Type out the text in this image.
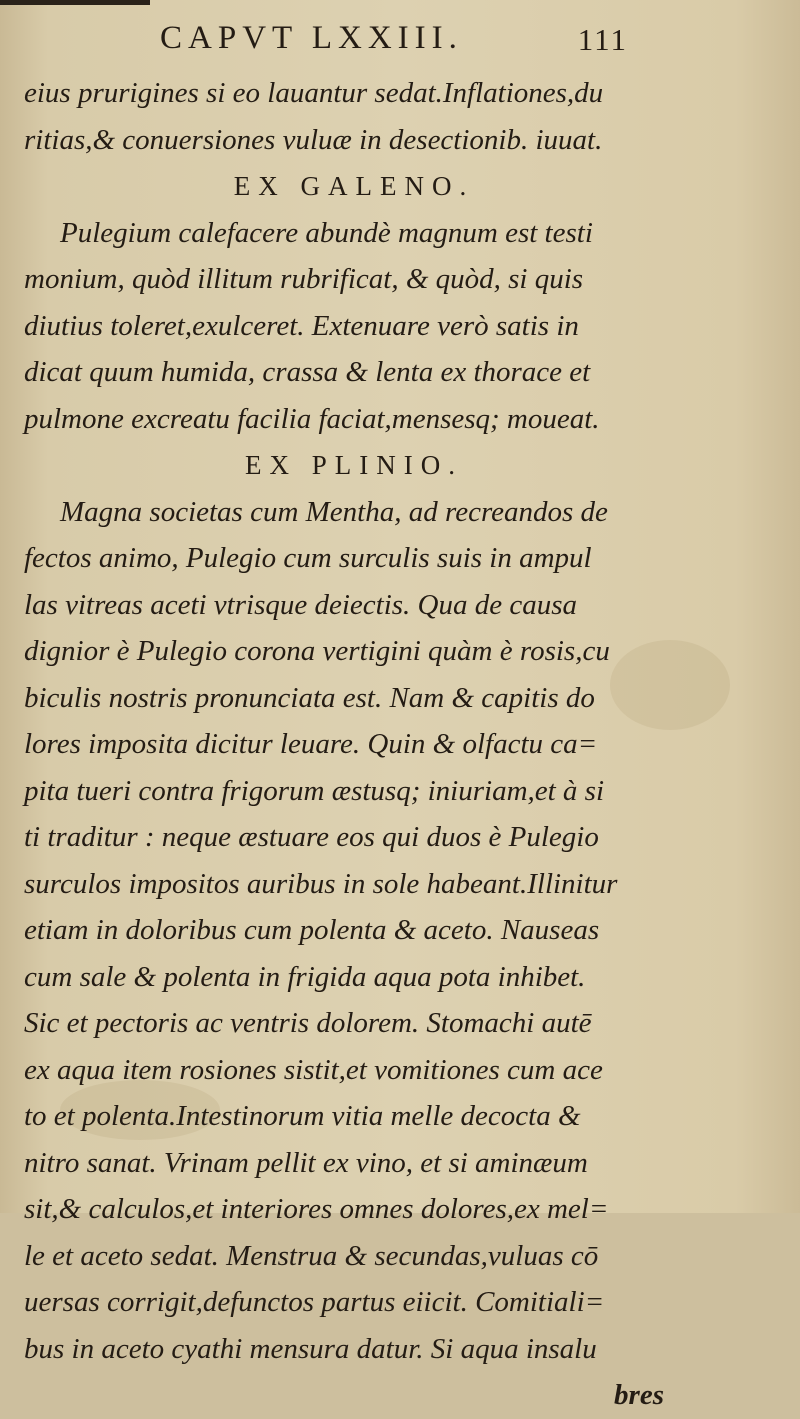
CAPVT LXXIII.	111
eius prurigines si eo lauantur sedat.Inflationes,du
ritias,& conuersiones vuluæ in desectionib. iuuat.
EX GALENO.
Pulegium calefacere abundè magnum est testi
monium, quòd illitum rubrificat, & quòd, si quis
diutius toleret,exulceret. Extenuare verò satis in
dicat quum humida, crassa & lenta ex thorace et
pulmone excreatu facilia faciat,mensesq; moueat.
EX PLINIO.
Magna societas cum Mentha, ad recreandos de
fectos animo, Pulegio cum surculis suis in ampul
las vitreas aceti vtrisque deiectis. Qua de causa
dignior è Pulegio corona vertigini quàm è rosis,cu
biculis nostris pronunciata est. Nam & capitis do
lores imposita dicitur leuare. Quin & olfactu ca=
pita tueri contra frigorum æstusq; iniuriam,et à si
ti traditur : neque æstuare eos qui duos è Pulegio
surculos impositos auribus in sole habeant.Illinitur
etiam in doloribus cum polenta & aceto. Nauseas
cum sale & polenta in frigida aqua pota inhibet.
Sic et pectoris ac ventris dolorem. Stomachi autē
ex aqua item rosiones sistit,et vomitiones cum ace
to et polenta.Intestinorum vitia melle decocta &
nitro sanat. Vrinam pellit ex vino, et si aminæum
sit,& calculos,et interiores omnes dolores,ex mel=
le et aceto sedat. Menstrua & secundas,vuluas cō
uersas corrigit,defunctos partus eiicit. Comitiali=
bus in aceto cyathi mensura datur. Si aqua insalu
bres
